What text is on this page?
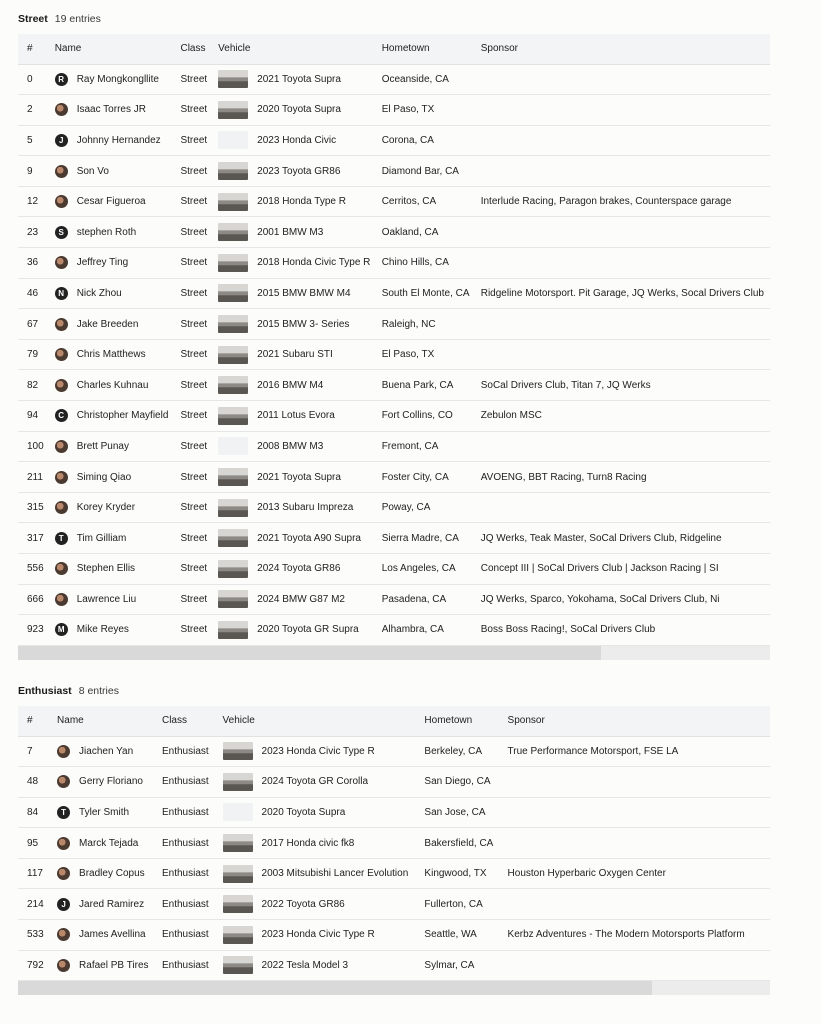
Street 19 entries
#	Name	Class	Vehicle	Hometown	Sponsor
0	R Ray Mongkongllite	Street	2021 Toyota Supra	Oceanside, CA	
2	Isaac Torres JR	Street	2020 Toyota Supra	El Paso, TX	
5	J Johnny Hernandez	Street	2023 Honda Civic	Corona, CA	
9	Son Vo	Street	2023 Toyota GR86	Diamond Bar, CA	
12	Cesar Figueroa	Street	2018 Honda Type R	Cerritos, CA	Interlude Racing, Paragon brakes, Counterspace garage
23	S stephen Roth	Street	2001 BMW M3	Oakland, CA	
36	Jeffrey Ting	Street	2018 Honda Civic Type R	Chino Hills, CA	
46	N Nick Zhou	Street	2015 BMW BMW M4	South El Monte, CA	Ridgeline Motorsport. Pit Garage, JQ Werks, Socal Drivers Club
67	Jake Breeden	Street	2015 BMW 3- Series	Raleigh, NC	
79	Chris Matthews	Street	2021 Subaru STI	El Paso, TX	
82	Charles Kuhnau	Street	2016 BMW M4	Buena Park, CA	SoCal Drivers Club, Titan 7, JQ Werks
94	C Christopher Mayfield	Street	2011 Lotus Evora	Fort Collins, CO	Zebulon MSC
100	Brett Punay	Street	2008 BMW M3	Fremont, CA	
211	Siming Qiao	Street	2021 Toyota Supra	Foster City, CA	AVOENG, BBT Racing, Turn8 Racing
315	Korey Kryder	Street	2013 Subaru Impreza	Poway, CA	
317	T Tim Gilliam	Street	2021 Toyota A90 Supra	Sierra Madre, CA	JQ Werks, Teak Master, SoCal Drivers Club, Ridgeline
556	Stephen Ellis	Street	2024 Toyota GR86	Los Angeles, CA	Concept III | SoCal Drivers Club | Jackson Racing | SI
666	Lawrence Liu	Street	2024 BMW G87 M2	Pasadena, CA	JQ Werks, Sparco, Yokohama, SoCal Drivers Club, Ni
923	M Mike Reyes	Street	2020 Toyota GR Supra	Alhambra, CA	Boss Boss Racing!, SoCal Drivers Club
Enthusiast 8 entries
#	Name	Class	Vehicle	Hometown	Sponsor
7	Jiachen Yan	Enthusiast	2023 Honda Civic Type R	Berkeley, CA	True Performance Motorsport, FSE LA
48	Gerry Floriano	Enthusiast	2024 Toyota GR Corolla	San Diego, CA	
84	T Tyler Smith	Enthusiast	2020 Toyota Supra	San Jose, CA	
95	Marck Tejada	Enthusiast	2017 Honda civic fk8	Bakersfield, CA	
117	Bradley Copus	Enthusiast	2003 Mitsubishi Lancer Evolution	Kingwood, TX	Houston Hyperbaric Oxygen Center
214	J Jared Ramirez	Enthusiast	2022 Toyota GR86	Fullerton, CA	
533	James Avellina	Enthusiast	2023 Honda Civic Type R	Seattle, WA	Kerbz Adventures - The Modern Motorsports Platform
792	Rafael PB Tires	Enthusiast	2022 Tesla Model 3	Sylmar, CA	
